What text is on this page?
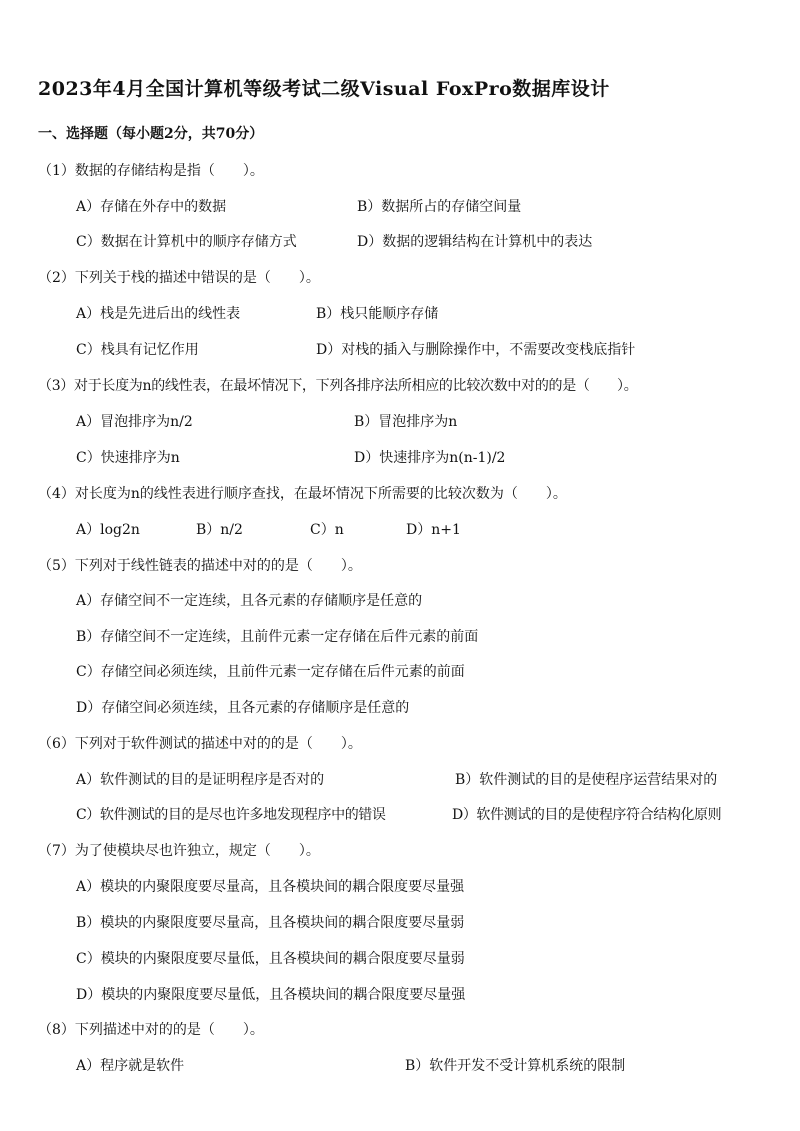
2023年4月全国计算机等级考试二级Visual FoxPro数据库设计
一、选择题（每小题2分，共70分）
（1）数据的存储结构是指（　　）。
A）存储在外存中的数据	B）数据所占的存储空间量
C）数据在计算机中的顺序存储方式	D）数据的逻辑结构在计算机中的表达
（2）下列关于栈的描述中错误的是（　　）。
A）栈是先进后出的线性表	B）栈只能顺序存储
C）栈具有记忆作用	D）对栈的插入与删除操作中，不需要改变栈底指针
（3）对于长度为n的线性表，在最坏情况下，下列各排序法所相应的比较次数中对的的是（　　）。
A）冒泡排序为n/2	B）冒泡排序为n
C）快速排序为n	D）快速排序为n(n-1)/2
（4）对长度为n的线性表进行顺序查找，在最坏情况下所需要的比较次数为（　　）。
A）log2n	B）n/2	C）n	D）n+1
（5）下列对于线性链表的描述中对的的是（　　）。
A）存储空间不一定连续，且各元素的存储顺序是任意的
B）存储空间不一定连续，且前件元素一定存储在后件元素的前面
C）存储空间必须连续，且前件元素一定存储在后件元素的前面
D）存储空间必须连续，且各元素的存储顺序是任意的
（6）下列对于软件测试的描述中对的的是（　　）。
A）软件测试的目的是证明程序是否对的	B）软件测试的目的是使程序运营结果对的
C）软件测试的目的是尽也许多地发现程序中的错误	D）软件测试的目的是使程序符合结构化原则
（7）为了使模块尽也许独立，规定（　　）。
A）模块的内聚限度要尽量高，且各模块间的耦合限度要尽量强
B）模块的内聚限度要尽量高，且各模块间的耦合限度要尽量弱
C）模块的内聚限度要尽量低，且各模块间的耦合限度要尽量弱
D）模块的内聚限度要尽量低，且各模块间的耦合限度要尽量强
（8）下列描述中对的的是（　　）。
A）程序就是软件	B）软件开发不受计算机系统的限制
